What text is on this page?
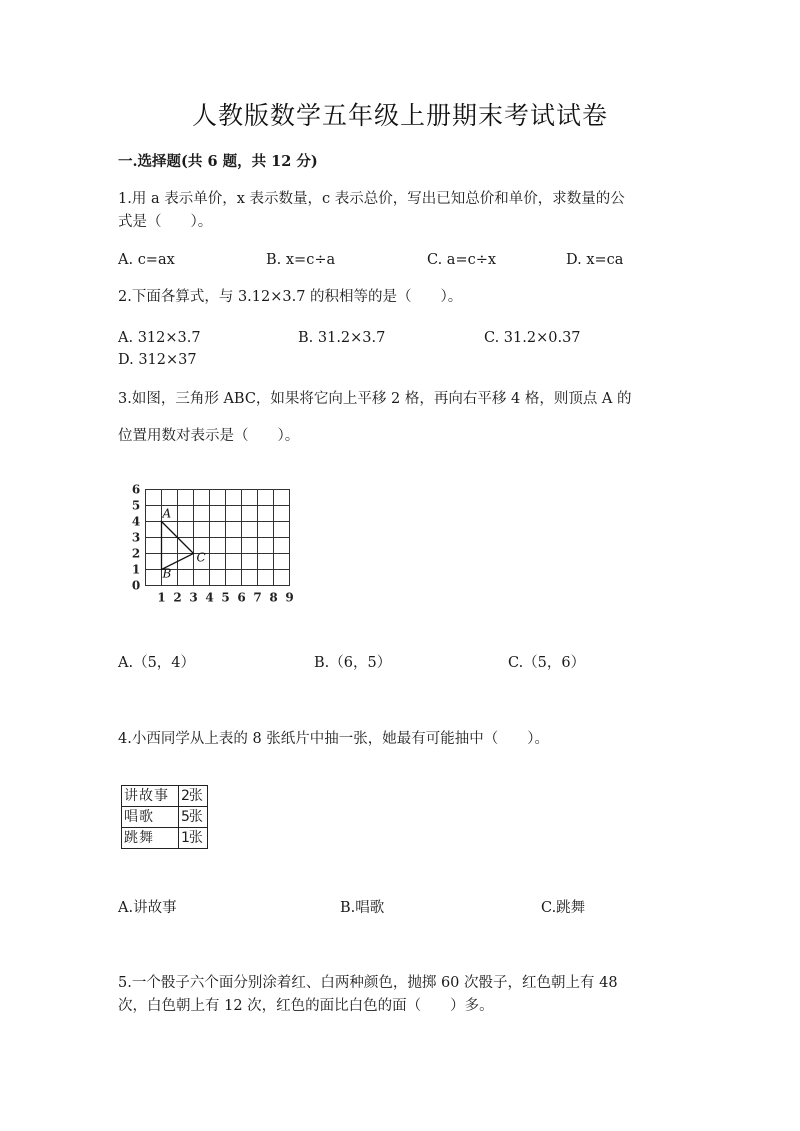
人教版数学五年级上册期末考试试卷
一.选择题(共 6 题，共 12 分)
1.用 a 表示单价，x 表示数量，c 表示总价，写出已知总价和单价，求数量的公
式是（　　）。
A. c=ax	B. x=c÷a	C. a=c÷x	D. x=ca
2.下面各算式，与 3.12×3.7 的积相等的是（　　）。
A. 312×3.7	B. 31.2×3.7	C. 31.2×0.37
D. 312×37
3.如图，三角形 ABC，如果将它向上平移 2 格，再向右平移 4 格，则顶点 A 的
位置用数对表示是（　　）。
A
B
C
1 2 3 4 5 6 7 8 9
0
1
2
3
4
5
6
A.（5，4）	B.（6，5）	C.（5，6）
4.小西同学从上表的 8 张纸片中抽一张，她最有可能抽中（　　）。
讲故事	2张
唱歌	5张
跳舞	1张
A.讲故事	B.唱歌	C.跳舞
5.一个骰子六个面分别涂着红、白两种颜色，抛掷 60 次骰子，红色朝上有 48
次，白色朝上有 12 次，红色的面比白色的面（　　）多。
